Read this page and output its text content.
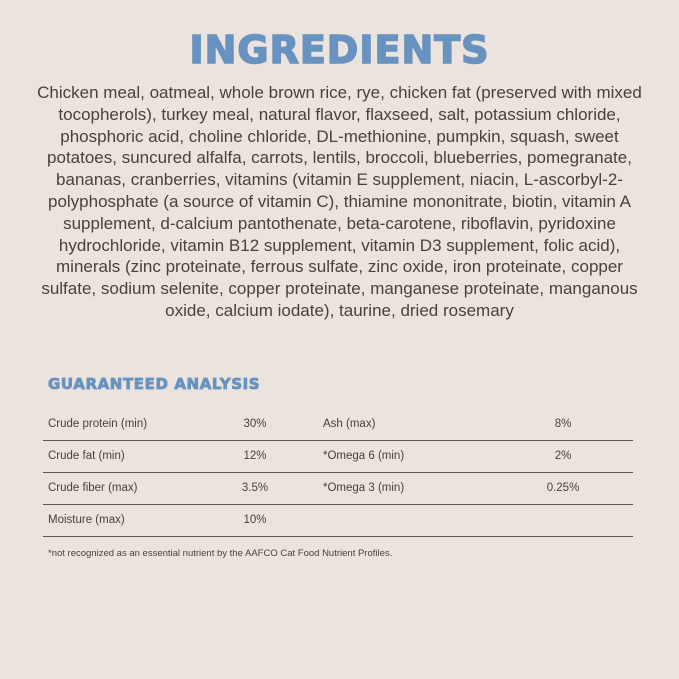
INGREDIENTS

Chicken meal, oatmeal, whole brown rice, rye, chicken fat (preserved with mixed tocopherols), turkey meal, natural flavor, flaxseed, salt, potassium chloride, phosphoric acid, choline chloride, DL-methionine, pumpkin, squash, sweet potatoes, suncured alfalfa, carrots, lentils, broccoli, blueberries, pomegranate, bananas, cranberries, vitamins (vitamin E supplement, niacin, L-ascorbyl-2-polyphosphate (a source of vitamin C), thiamine mononitrate, biotin, vitamin A supplement, d-calcium pantothenate, beta-carotene, riboflavin, pyridoxine hydrochloride, vitamin B12 supplement, vitamin D3 supplement, folic acid), minerals (zinc proteinate, ferrous sulfate, zinc oxide, iron proteinate, copper sulfate, sodium selenite, copper proteinate, manganese proteinate, manganous oxide, calcium iodate), taurine, dried rosemary

GUARANTEED ANALYSIS
Crude protein (min)	30%	Ash (max)	8%
Crude fat (min)	12%	*Omega 6 (min)	2%
Crude fiber (max)	3.5%	*Omega 3 (min)	0.25%
Moisture (max)	10%
*not recognized as an essential nutrient by the AAFCO Cat Food Nutrient Profiles.
